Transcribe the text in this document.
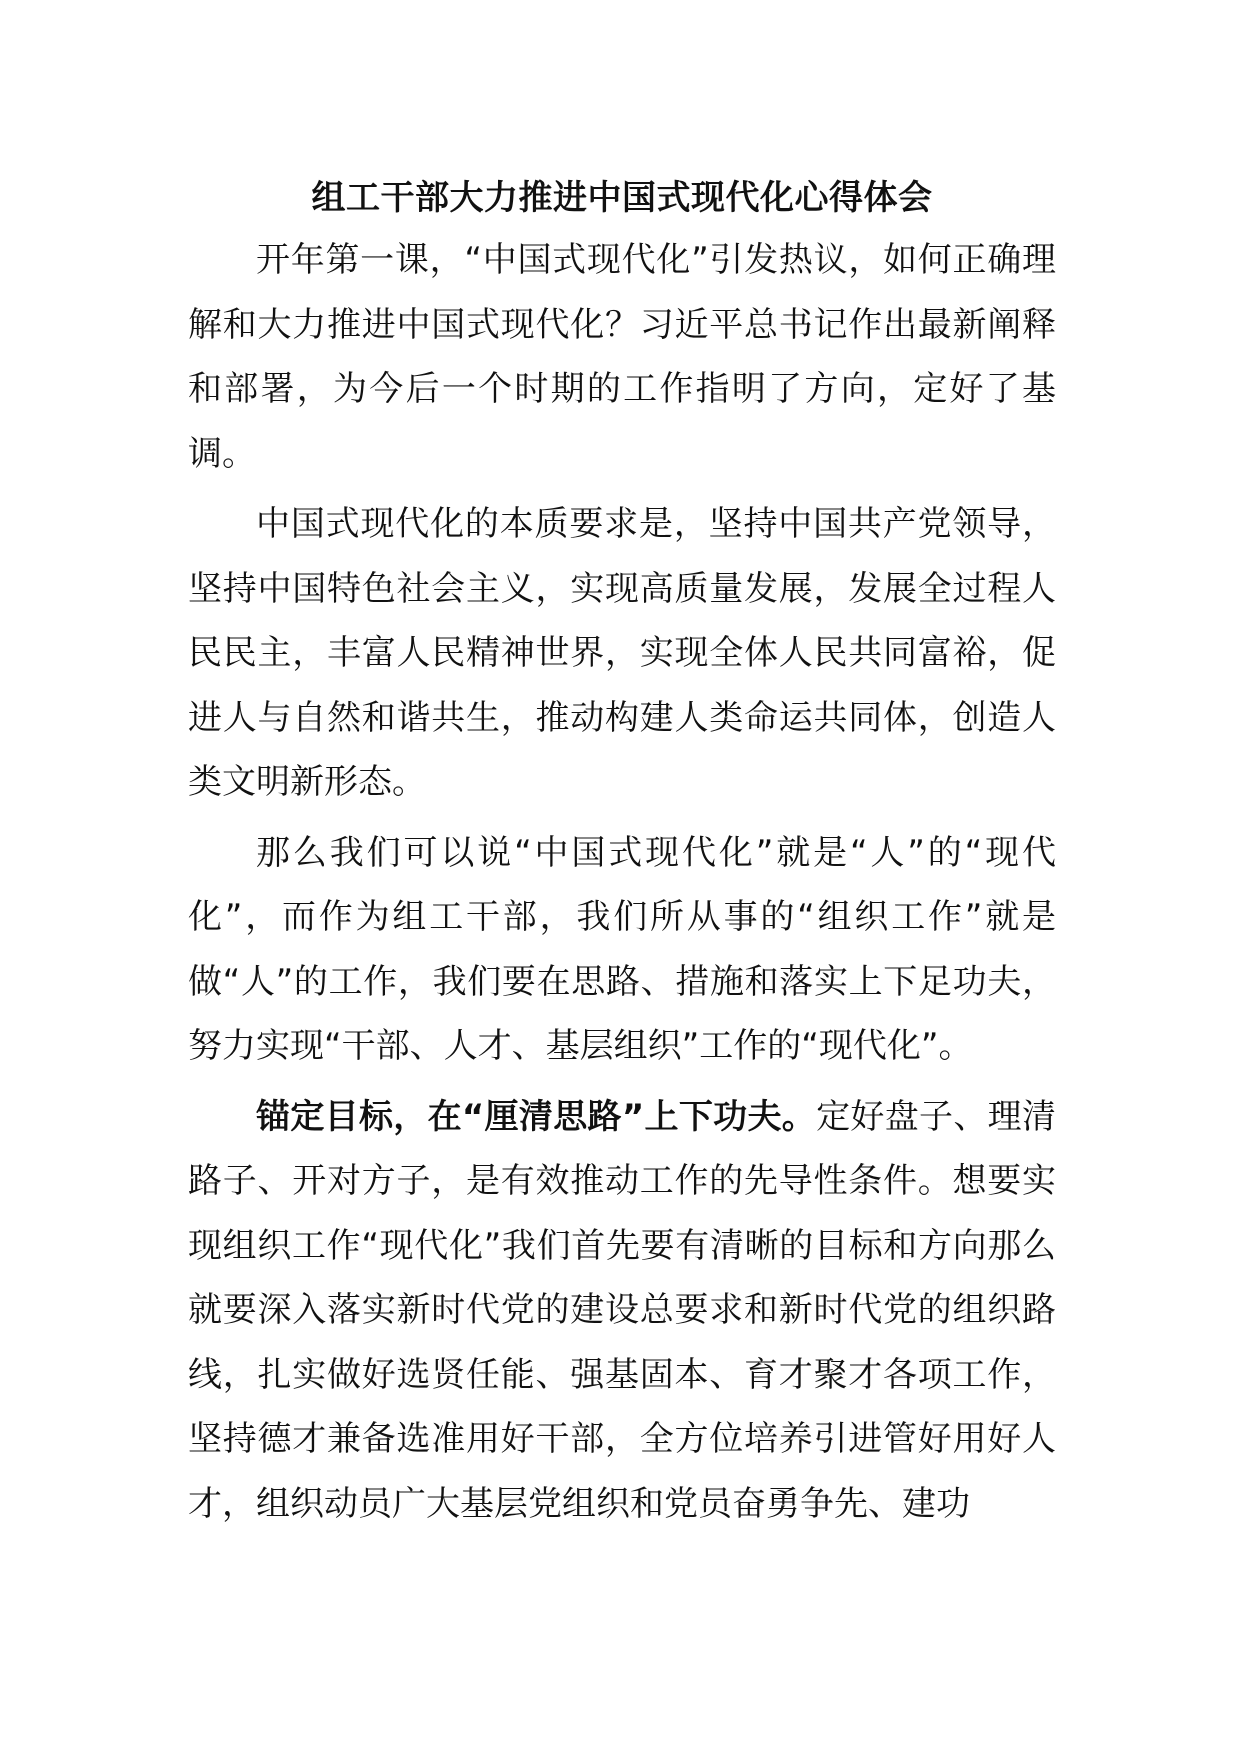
组工干部大力推进中国式现代化心得体会

开年第一课，“中国式现代化”引发热议，如何正确理解和大力推进中国式现代化？习近平总书记作出最新阐释和部署，为今后一个时期的工作指明了方向，定好了基调。

中国式现代化的本质要求是，坚持中国共产党领导，坚持中国特色社会主义，实现高质量发展，发展全过程人民民主，丰富人民精神世界，实现全体人民共同富裕，促进人与自然和谐共生，推动构建人类命运共同体，创造人类文明新形态。

那么我们可以说“中国式现代化”就是“人”的“现代化”，而作为组工干部，我们所从事的“组织工作”就是做“人”的工作，我们要在思路、措施和落实上下足功夫，努力实现“干部、人才、基层组织”工作的“现代化”。

锚定目标，在“厘清思路”上下功夫。定好盘子、理清路子、开对方子，是有效推动工作的先导性条件。想要实现组织工作“现代化”我们首先要有清晰的目标和方向那么就要深入落实新时代党的建设总要求和新时代党的组织路线，扎实做好选贤任能、强基固本、育才聚才各项工作，坚持德才兼备选准用好干部，全方位培养引进管好用好人才，组织动员广大基层党组织和党员奋勇争先、建功
